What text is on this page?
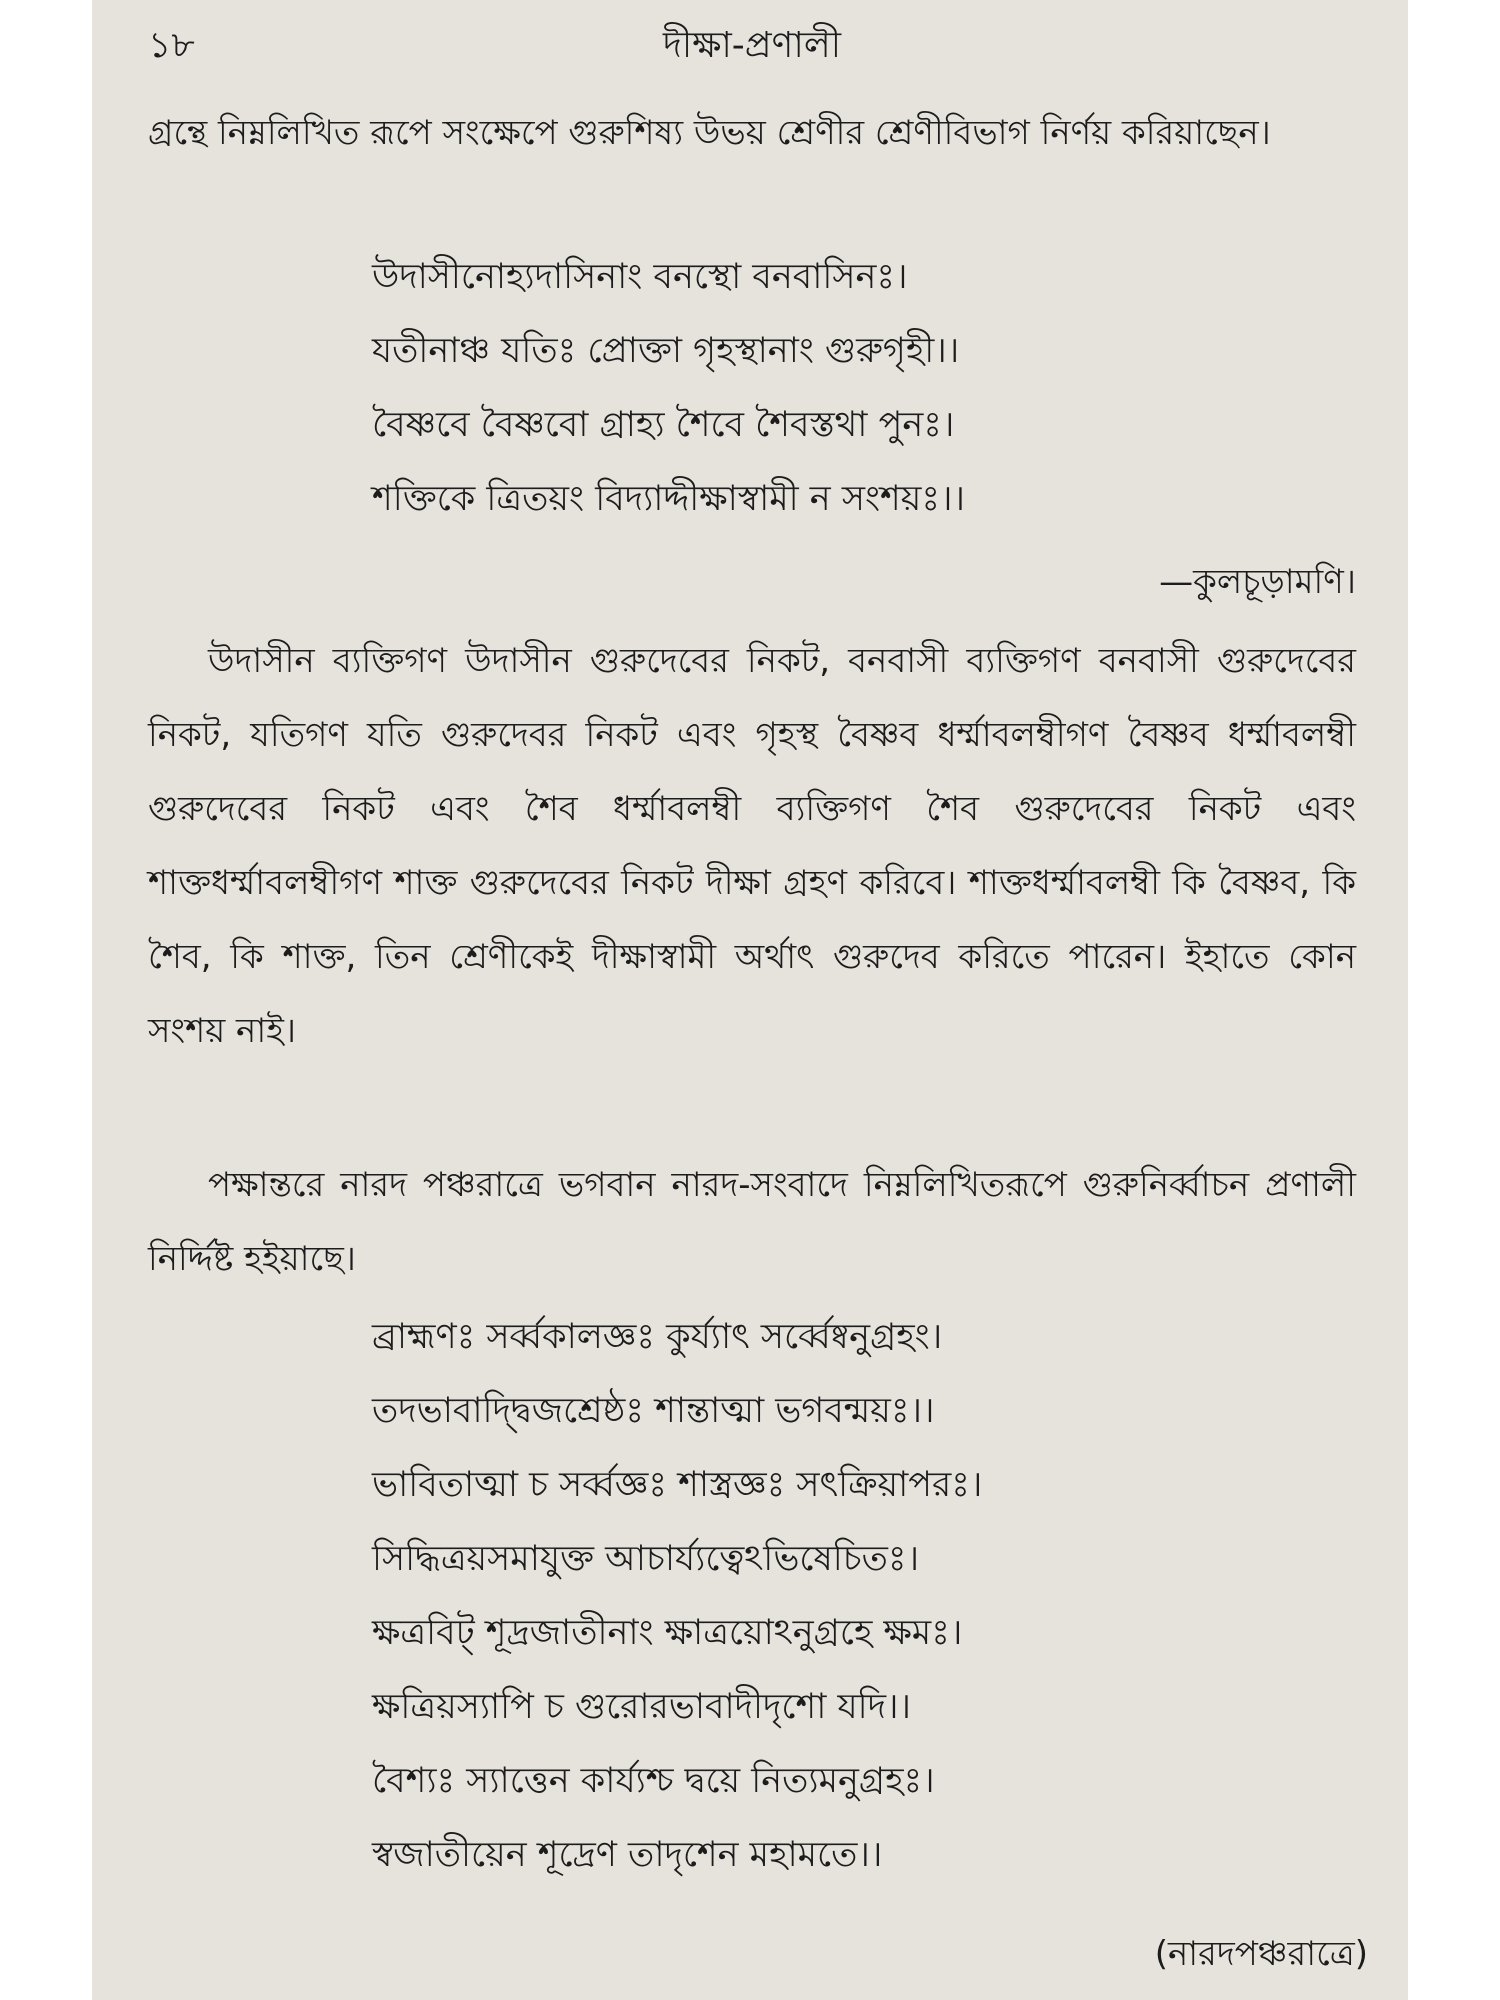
১৮	দীক্ষা-প্রণালী

গ্রন্থে নিম্নলিখিত রূপে সংক্ষেপে গুরুশিষ্য উভয় শ্রেণীর শ্রেণীবিভাগ নির্ণয় করিয়াছেন।

উদাসীনোহ্যদাসিনাং বনস্থো বনবাসিনঃ।
যতীনাঞ্চ যতিঃ প্রোক্তা গৃহস্থানাং গুরুগৃহী।।
বৈষ্ণবে বৈষ্ণবো গ্রাহ্য শৈবে শৈবস্তথা পুনঃ।
শক্তিকে ত্রিতয়ং বিদ্যাদ্দীক্ষাস্বামী ন সংশয়ঃ।।
—কুলচূড়ামণি।

উদাসীন ব্যক্তিগণ উদাসীন গুরুদেবের নিকট, বনবাসী ব্যক্তিগণ বনবাসী গুরুদেবের নিকট, যতিগণ যতি গুরুদেবর নিকট এবং গৃহস্থ বৈষ্ণব ধর্ম্মাবলম্বীগণ বৈষ্ণব ধর্ম্মাবলম্বী গুরুদেবের নিকট এবং শৈব ধর্ম্মাবলম্বী ব্যক্তিগণ শৈব গুরুদেবের নিকট এবং শাক্তধর্ম্মাবলম্বীগণ শাক্ত গুরুদেবের নিকট দীক্ষা গ্রহণ করিবে। শাক্তধর্ম্মাবলম্বী কি বৈষ্ণব, কি শৈব, কি শাক্ত, তিন শ্রেণীকেই দীক্ষাস্বামী অর্থাৎ গুরুদেব করিতে পারেন। ইহাতে কোন সংশয় নাই।

পক্ষান্তরে নারদ পঞ্চরাত্রে ভগবান নারদ-সংবাদে নিম্নলিখিতরূপে গুরুনির্ব্বাচন প্রণালী নির্দ্দিষ্ট হইয়াছে।

ব্রাহ্মণঃ সর্ব্বকালজ্ঞঃ কুর্য্যাৎ সর্ব্বেষ্বনুগ্রহং।
তদভাবাদ্দ্বিজশ্রেষ্ঠঃ শান্তাত্মা ভগবন্ময়ঃ।।
ভাবিতাত্মা চ সর্ব্বজ্ঞঃ শাস্ত্রজ্ঞঃ সৎক্রিয়াপরঃ।
সিদ্ধিত্রয়সমাযুক্ত আচার্য্যত্বেঽভিষেচিতঃ।
ক্ষত্রবিট্ শূদ্রজাতীনাং ক্ষাত্রয়োঽনুগ্রহে ক্ষমঃ।
ক্ষত্রিয়স্যাপি চ গুরোরভাবাদীদৃশো যদি।।
বৈশ্যঃ স্যাত্তেন কার্য্যশ্চ দ্বয়ে নিত্যমনুগ্রহঃ।
স্বজাতীয়েন শূদ্রেণ তাদৃশেন মহামতে।।
(নারদপঞ্চরাত্রে)
